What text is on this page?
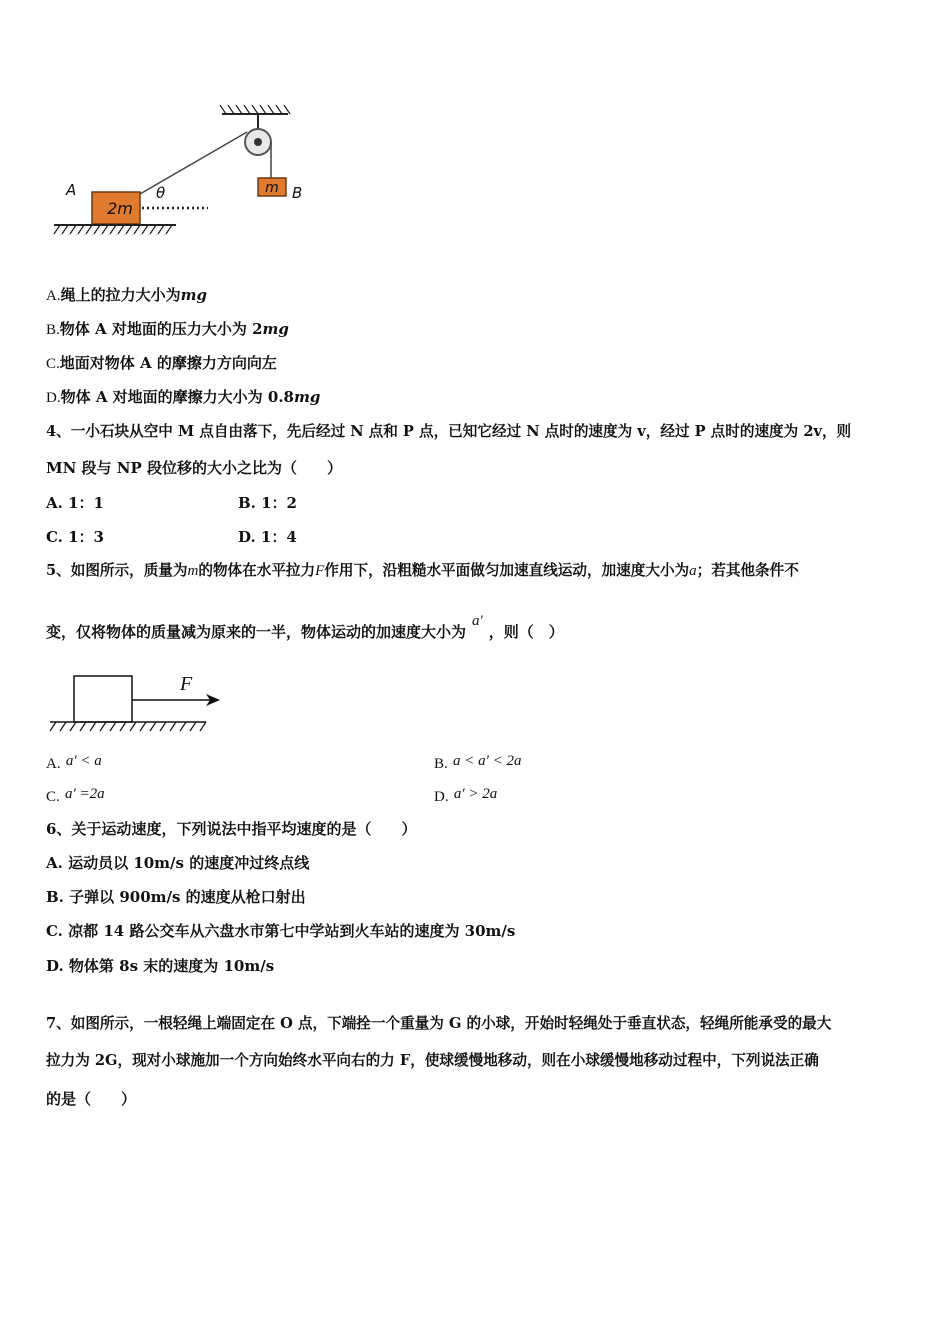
m B
2m
A	θ
A.绳上的拉力大小为mg
B.物体 A 对地面的压力大小为 2mg
C.地面对物体 A 的摩擦力方向向左
D.物体 A 对地面的摩擦力大小为 0.8mg
4、一小石块从空中 M 点自由落下，先后经过 N 点和 P 点，已知它经过 N 点时的速度为 v，经过 P 点时的速度为 2v，则
MN 段与 NP 段位移的大小之比为（　　）
A. 1：1	B. 1：2
C. 1：3	D. 1：4
5、如图所示，质量为m的物体在水平拉力F作用下，沿粗糙水平面做匀加速直线运动，加速度大小为a；若其他条件不
变，仅将物体的质量减为原来的一半，物体运动的加速度大小为a′，则（　）
F
A. a′ < a	B. a < a′ < 2a
C. a′ =2a	D. a′ > 2a
6、关于运动速度，下列说法中指平均速度的是（　　）
A. 运动员以 10m/s 的速度冲过终点线
B. 子弹以 900m/s 的速度从枪口射出
C. 凉都 14 路公交车从六盘水市第七中学站到火车站的速度为 30m/s
D. 物体第 8s 末的速度为 10m/s
7、如图所示，一根轻绳上端固定在 O 点，下端拴一个重量为 G 的小球，开始时轻绳处于垂直状态，轻绳所能承受的最大
拉力为 2G，现对小球施加一个方向始终水平向右的力 F，使球缓慢地移动，则在小球缓慢地移动过程中，下列说法正确
的是（　　）
